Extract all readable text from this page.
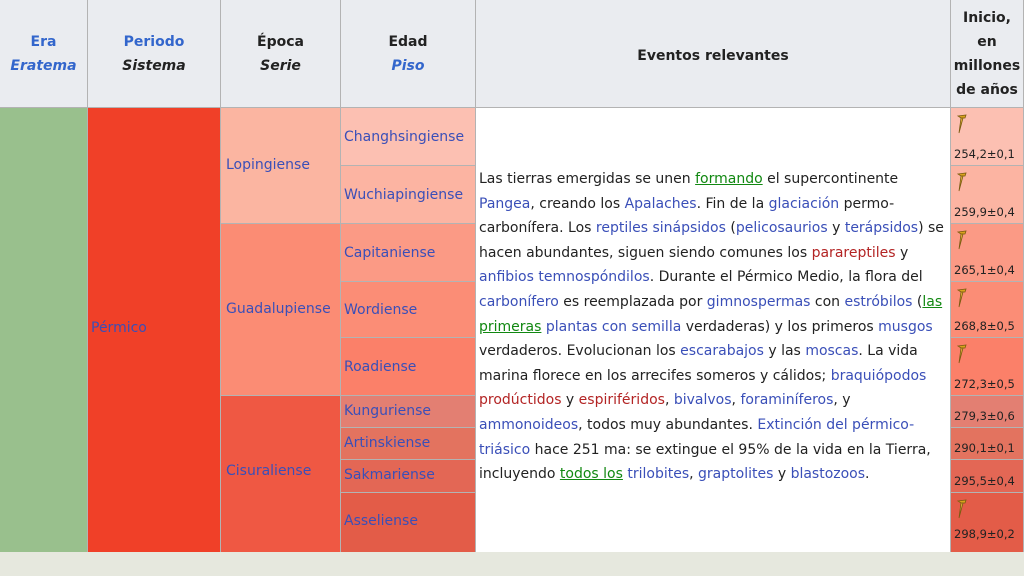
Era
Eratema
Periodo
Sistema
Época
Serie
Edad
Piso
Eventos relevantes
Inicio,
en
millones
de años
Pérmico
Lopingiense
Guadalupiense
Cisuraliense
Changhsingiense
Wuchiapingiense
Capitaniense
Wordiense
Roadiense
Kunguriense
Artinskiense
Sakmariense
Asseliense
Las tierras emergidas se unen formando el supercontinente Pangea, creando los Apalaches. Fin de la glaciación permo-carbonífera. Los reptiles sinápsidos (pelicosaurios y terápsidos) se hacen abundantes, siguen siendo comunes los parareptiles y anfibios temnospóndilos. Durante el Pérmico Medio, la flora del carbonífero es reemplazada por gimnospermas con estróbilos (las primeras plantas con semilla verdaderas) y los primeros musgos verdaderos. Evolucionan los escarabajos y las moscas. La vida marina florece en los arrecifes someros y cálidos; braquiópodos prodúctidos y espiriféridos, bivalvos, foraminíferos, y ammonoideos, todos muy abundantes. Extinción del pérmico-triásico hace 251 ma: se extingue el 95% de la vida en la Tierra, incluyendo todos los trilobites, graptolites y blastozoos.
254,2±0,1
259,9±0,4
265,1±0,4
268,8±0,5
272,3±0,5
279,3±0,6
290,1±0,1
295,5±0,4
298,9±0,2
